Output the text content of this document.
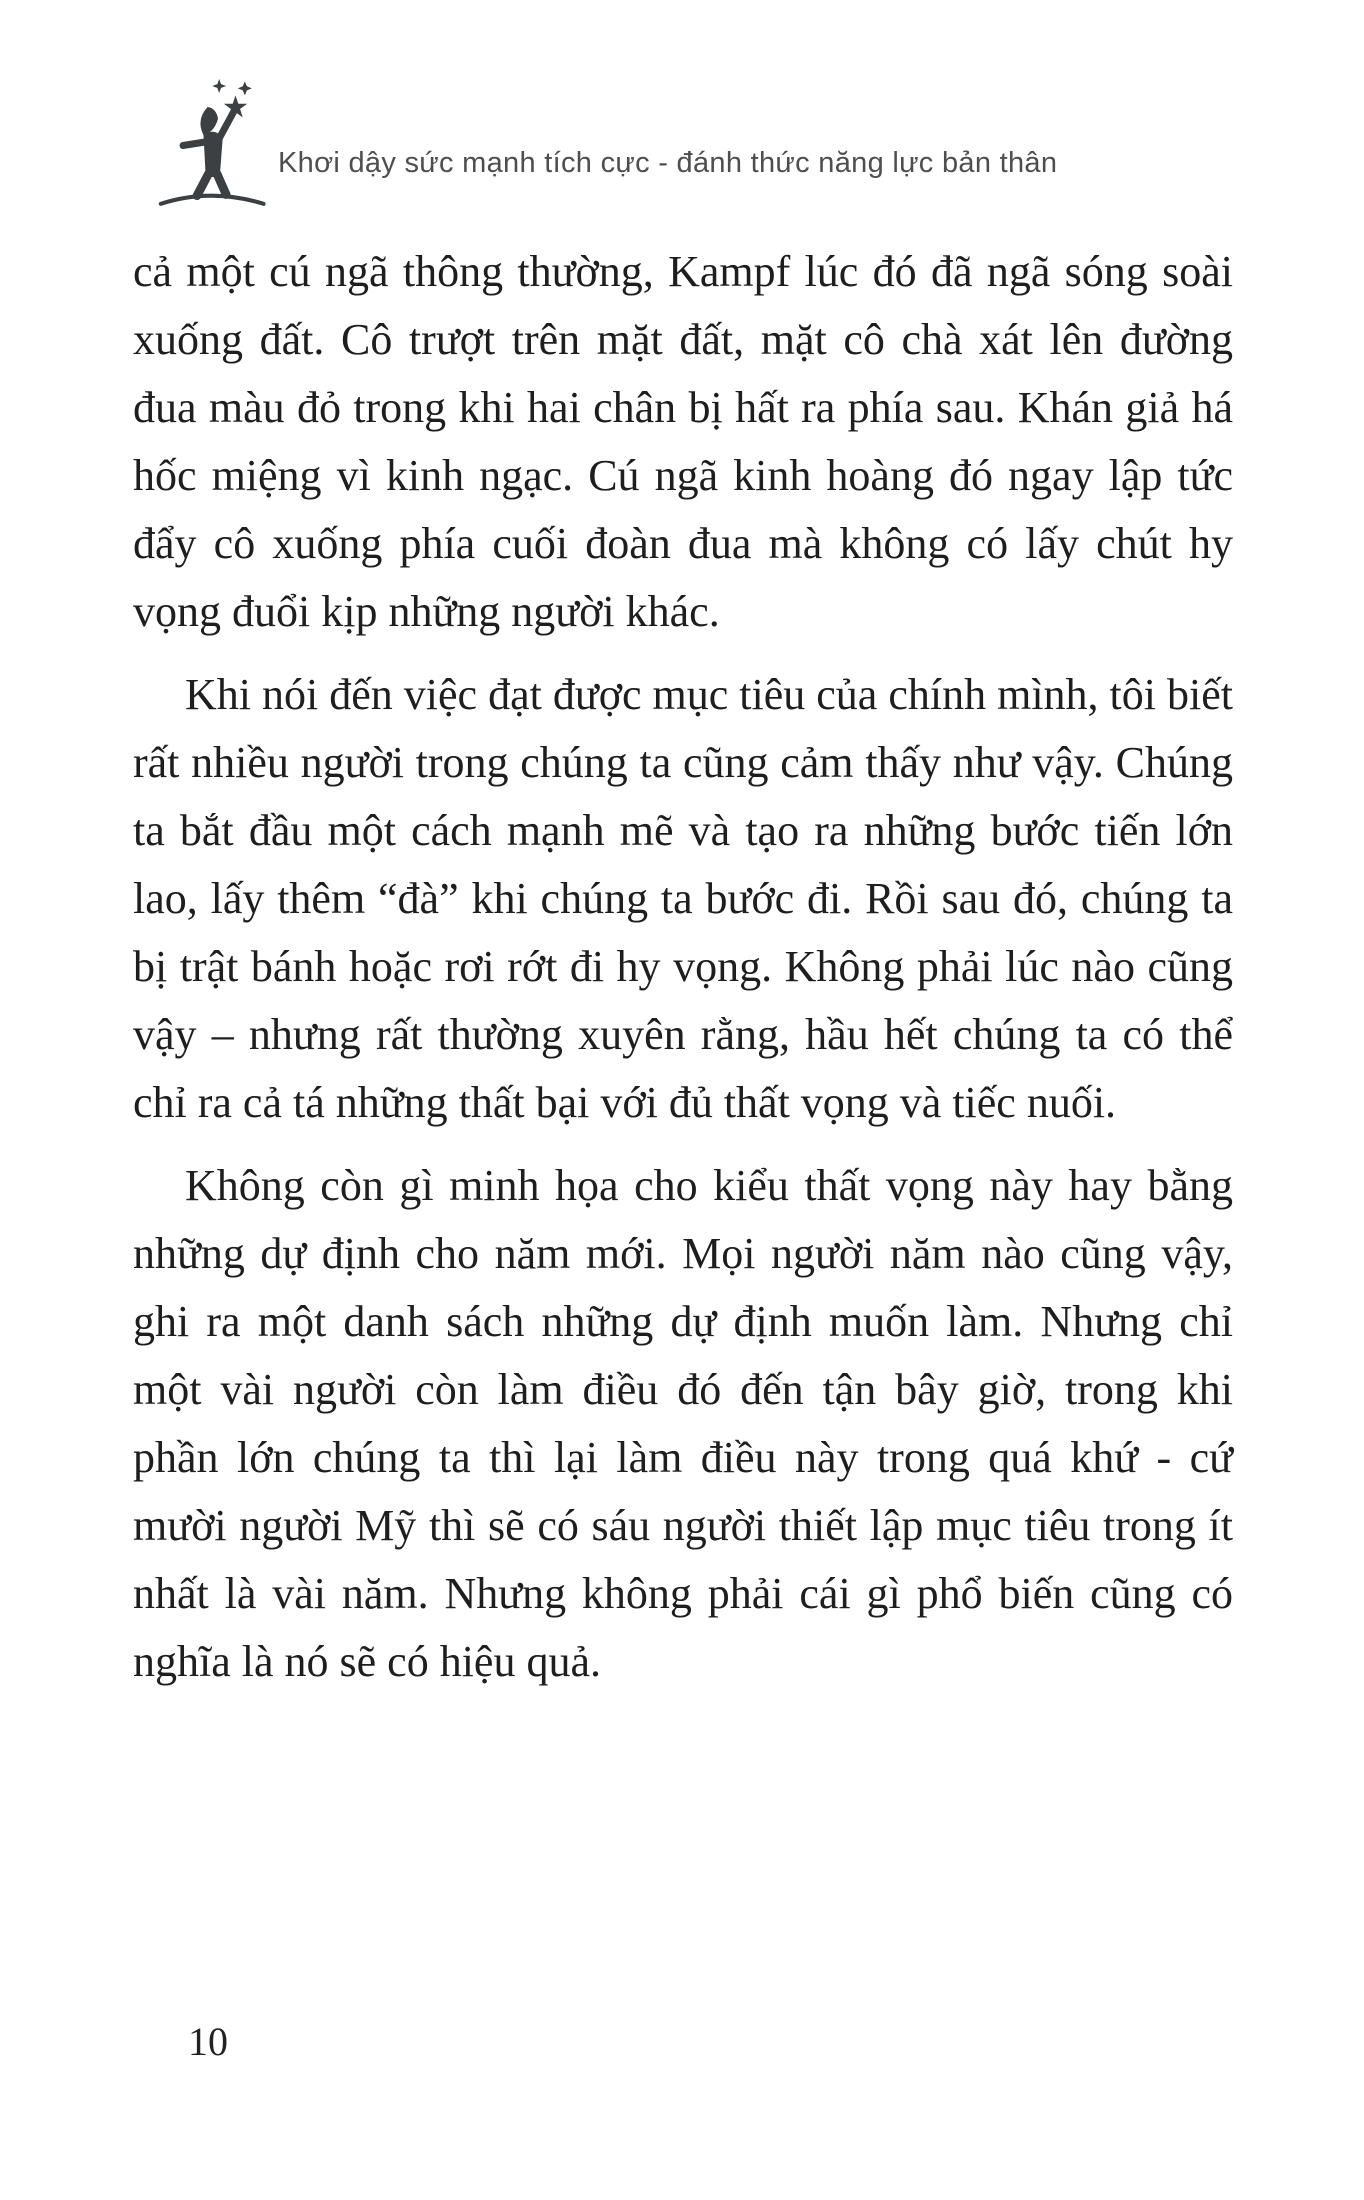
Khơi dậy sức mạnh tích cực - đánh thức năng lực bản thân

cả một cú ngã thông thường, Kampf lúc đó đã ngã sóng soài xuống đất. Cô trượt trên mặt đất, mặt cô chà xát lên đường đua màu đỏ trong khi hai chân bị hất ra phía sau. Khán giả há hốc miệng vì kinh ngạc. Cú ngã kinh hoàng đó ngay lập tức đẩy cô xuống phía cuối đoàn đua mà không có lấy chút hy vọng đuổi kịp những người khác.

Khi nói đến việc đạt được mục tiêu của chính mình, tôi biết rất nhiều người trong chúng ta cũng cảm thấy như vậy. Chúng ta bắt đầu một cách mạnh mẽ và tạo ra những bước tiến lớn lao, lấy thêm “đà” khi chúng ta bước đi. Rồi sau đó, chúng ta bị trật bánh hoặc rơi rớt đi hy vọng. Không phải lúc nào cũng vậy – nhưng rất thường xuyên rằng, hầu hết chúng ta có thể chỉ ra cả tá những thất bại với đủ thất vọng và tiếc nuối.

Không còn gì minh họa cho kiểu thất vọng này hay bằng những dự định cho năm mới. Mọi người năm nào cũng vậy, ghi ra một danh sách những dự định muốn làm. Nhưng chỉ một vài người còn làm điều đó đến tận bây giờ, trong khi phần lớn chúng ta thì lại làm điều này trong quá khứ - cứ mười người Mỹ thì sẽ có sáu người thiết lập mục tiêu trong ít nhất là vài năm. Nhưng không phải cái gì phổ biến cũng có nghĩa là nó sẽ có hiệu quả.

10
